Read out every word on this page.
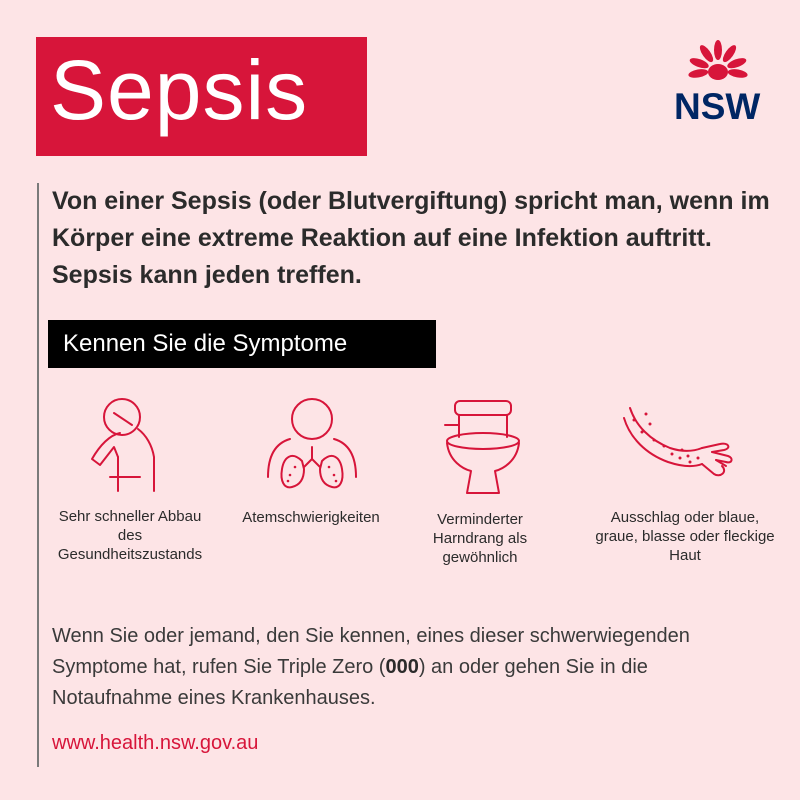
Sepsis	NSW
Von einer Sepsis (oder Blutvergiftung) spricht man, wenn im Körper eine extreme Reaktion auf eine Infektion auftritt. Sepsis kann jeden treffen.
Kennen Sie die Symptome
Sehr schneller Abbau des Gesundheitszustands
Atemschwierigkeiten	Verminderter Harndrang als gewöhnlich
Ausschlag oder blaue, graue, blasse oder fleckige Haut
Wenn Sie oder jemand, den Sie kennen, eines dieser schwerwiegenden Symptome hat, rufen Sie Triple Zero (000) an oder gehen Sie in die Notaufnahme eines Krankenhauses.
www.health.nsw.gov.au
